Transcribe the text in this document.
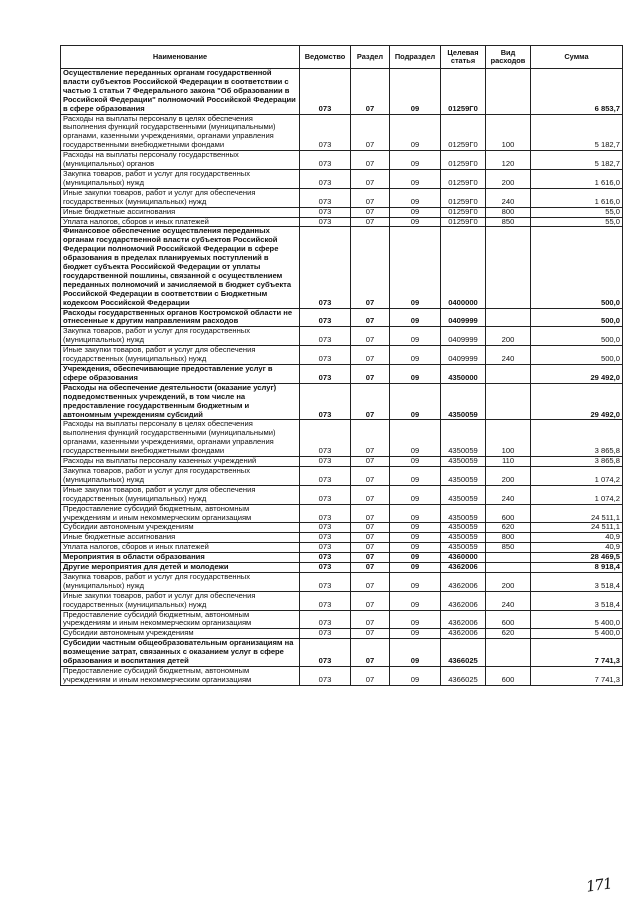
Наименование	Ведомство	Раздел	Подраздел	Целевая статья	Вид расходов	Сумма
Осуществление переданных органам государственной власти субъектов Российской Федерации в соответствии с частью 1 статьи 7 Федерального закона "Об образовании в Российской Федерации" полномочий Российской Федерации в сфере образования	073	07	09	01259Г0		6 853,7
Расходы на выплаты персоналу в целях обеспечения выполнения функций государственными (муниципальными) органами, казенными учреждениями, органами управления государственными внебюджетными фондами	073	07	09	01259Г0	100	5 182,7
Расходы на выплаты персоналу государственных (муниципальных) органов	073	07	09	01259Г0	120	5 182,7
Закупка товаров, работ и услуг для государственных (муниципальных) нужд	073	07	09	01259Г0	200	1 616,0
Иные закупки товаров, работ и услуг для обеспечения государственных (муниципальных) нужд	073	07	09	01259Г0	240	1 616,0
Иные бюджетные ассигнования	073	07	09	01259Г0	800	55,0
Уплата налогов, сборов и иных платежей	073	07	09	01259Г0	850	55,0
Финансовое обеспечение осуществления переданных органам государственной власти субъектов Российской Федерации полномочий Российской Федерации в сфере образования в пределах планируемых поступлений в бюджет субъекта Российской Федерации от уплаты государственной пошлины, связанной с осуществлением переданных полномочий и зачисляемой в бюджет субъекта Российской Федерации в соответствии с Бюджетным кодексом Российской Федерации	073	07	09	0400000		500,0
Расходы государственных органов Костромской области не отнесенные к другим направлениям расходов	073	07	09	0409999		500,0
Закупка товаров, работ и услуг для государственных (муниципальных) нужд	073	07	09	0409999	200	500,0
Иные закупки товаров, работ и услуг для обеспечения государственных (муниципальных) нужд	073	07	09	0409999	240	500,0
Учреждения, обеспечивающие предоставление услуг в сфере образования	073	07	09	4350000		29 492,0
Расходы на обеспечение деятельности (оказание услуг) подведомственных учреждений, в том числе на предоставление государственным бюджетным и автономным учреждениям субсидий	073	07	09	4350059		29 492,0
Расходы на выплаты персоналу в целях обеспечения выполнения функций государственными (муниципальными) органами, казенными учреждениями, органами управления государственными внебюджетными фондами	073	07	09	4350059	100	3 865,8
Расходы на выплаты персоналу казенных учреждений	073	07	09	4350059	110	3 865,8
Закупка товаров, работ и услуг для государственных (муниципальных) нужд	073	07	09	4350059	200	1 074,2
Иные закупки товаров, работ и услуг для обеспечения государственных (муниципальных) нужд	073	07	09	4350059	240	1 074,2
Предоставление субсидий бюджетным, автономным учреждениям и иным некоммерческим организациям	073	07	09	4350059	600	24 511,1
Субсидии автономным учреждениям	073	07	09	4350059	620	24 511,1
Иные бюджетные ассигнования	073	07	09	4350059	800	40,9
Уплата налогов, сборов и иных платежей	073	07	09	4350059	850	40,9
Мероприятия в области образования	073	07	09	4360000		28 469,5
Другие мероприятия для детей и молодежи	073	07	09	4362006		8 918,4
Закупка товаров, работ и услуг для государственных (муниципальных) нужд	073	07	09	4362006	200	3 518,4
Иные закупки товаров, работ и услуг для обеспечения государственных (муниципальных) нужд	073	07	09	4362006	240	3 518,4
Предоставление субсидий бюджетным, автономным учреждениям и иным некоммерческим организациям	073	07	09	4362006	600	5 400,0
Субсидии автономным учреждениям	073	07	09	4362006	620	5 400,0
Субсидии частным общеобразовательным организациям на возмещение затрат, связанных с оказанием услуг в сфере образования и воспитания детей	073	07	09	4366025		7 741,3
Предоставление субсидий бюджетным, автономным учреждениям и иным некоммерческим организациям	073	07	09	4366025	600	7 741,3
171
